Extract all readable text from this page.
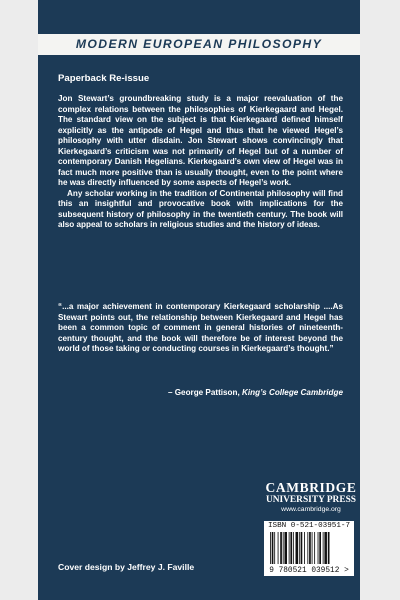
MODERN EUROPEAN PHILOSOPHY
Paperback Re-issue

Jon Stewart’s groundbreaking study is a major reevaluation of the complex relations between the philosophies of Kierkegaard and Hegel. The standard view on the subject is that Kierkegaard defined himself explicitly as the antipode of Hegel and thus that he viewed Hegel’s philosophy with utter disdain. Jon Stewart shows convincingly that Kierkegaard’s criticism was not primarily of Hegel but of a number of contemporary Danish Hegelians. Kierkegaard’s own view of Hegel was in fact much more positive than is usually thought, even to the point where he was directly influenced by some aspects of Hegel’s work.

Any scholar working in the tradition of Continental philosophy will find this an insightful and provocative book with implications for the subsequent history of philosophy in the twentieth century. The book will also appeal to scholars in religious studies and the history of ideas.

“...a major achievement in contemporary Kierkegaard scholarship ....As Stewart points out, the relationship between Kierkegaard and Hegel has been a common topic of comment in general histories of nineteenth-century thought, and the book will therefore be of interest beyond the world of those taking or conducting courses in Kierkegaard’s thought.”

– George Pattison, King’s College Cambridge
CAMBRIDGE
UNIVERSITY PRESS
www.cambridge.org
ISBN 0-521-03951-7
9 780521 039512 >
Cover design by Jeffrey J. Faville
